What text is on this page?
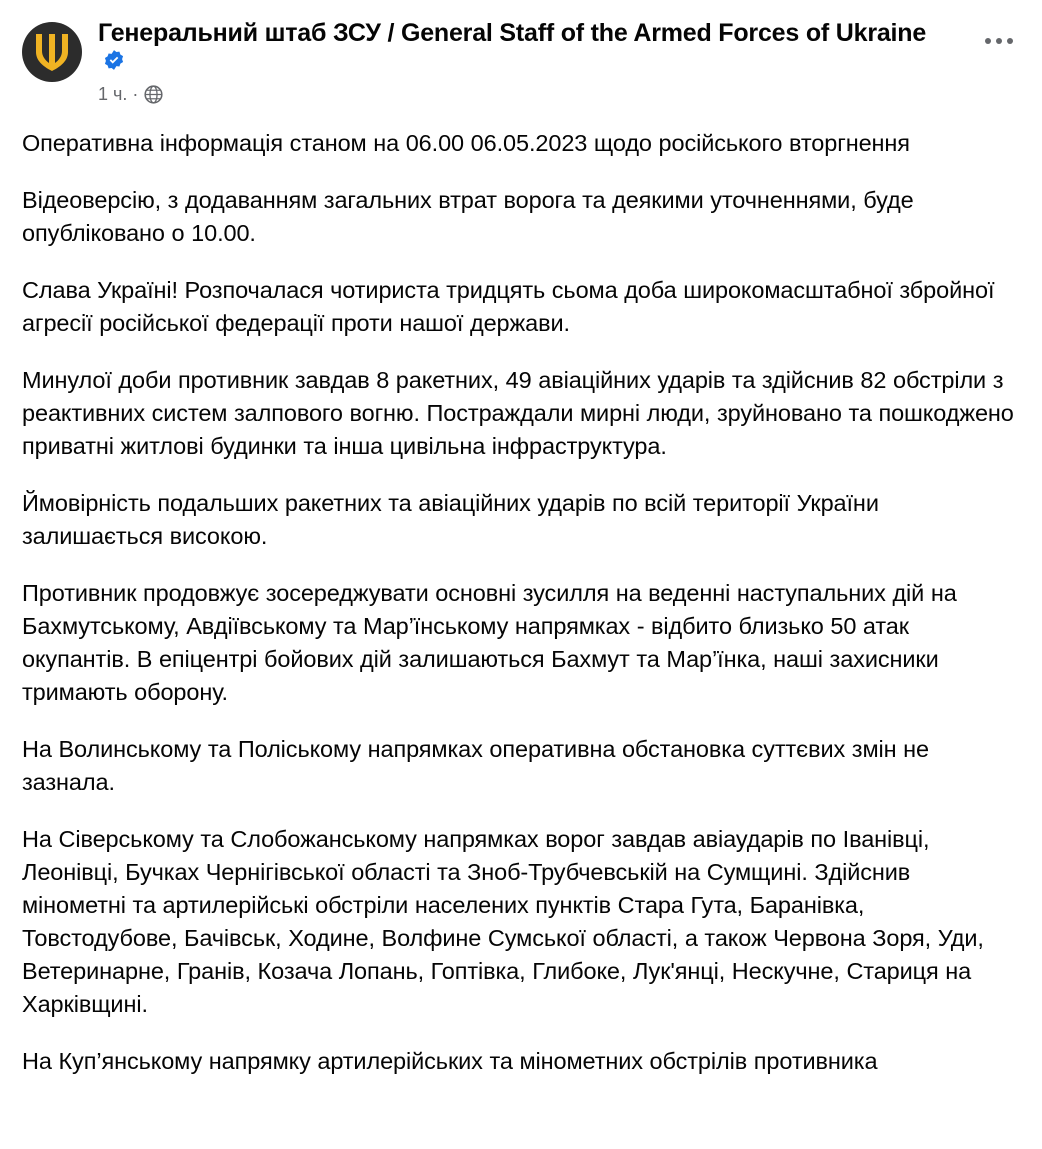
Генеральний штаб ЗСУ / General Staff of the Armed Forces of Ukraine
1 ч. ·

Оперативна інформація станом на 06.00 06.05.2023 щодо російського вторгнення

Відеоверсію, з додаванням загальних втрат ворога та деякими уточненнями, буде опубліковано о 10.00.

Слава Україні! Розпочалася чотириста тридцять сьома доба широкомасштабної збройної агресії російської федерації проти нашої держави.

Минулої доби противник завдав 8 ракетних, 49 авіаційних ударів та здійснив 82 обстріли з реактивних систем залпового вогню. Постраждали мирні люди, зруйновано та пошкоджено приватні житлові будинки та інша цивільна інфраструктура.

Ймовірність подальших ракетних та авіаційних ударів по всій території України залишається високою.

Противник продовжує зосереджувати основні зусилля на веденні наступальних дій на Бахмутському, Авдіївському та Мар’їнському напрямках - відбито близько 50 атак окупантів. В епіцентрі бойових дій залишаються Бахмут та Мар’їнка, наші захисники тримають оборону.

На Волинському та Поліському напрямках оперативна обстановка суттєвих змін не зазнала.

На Сіверському та Слобожанському напрямках ворог завдав авіаударів по Іванівці, Леонівці, Бучках Чернігівської області та Зноб-Трубчевській на Сумщині. Здійснив мінометні та артилерійські обстріли населених пунктів Стара Гута, Баранівка, Товстодубове, Бачівськ, Ходине, Волфине Сумської області, а також Червона Зоря, Уди, Ветеринарне, Гранів, Козача Лопань, Гоптівка, Глибоке, Лук'янці, Нескучне, Стариця на Харківщині.

На Куп’янському напрямку артилерійських та мінометних обстрілів противника
